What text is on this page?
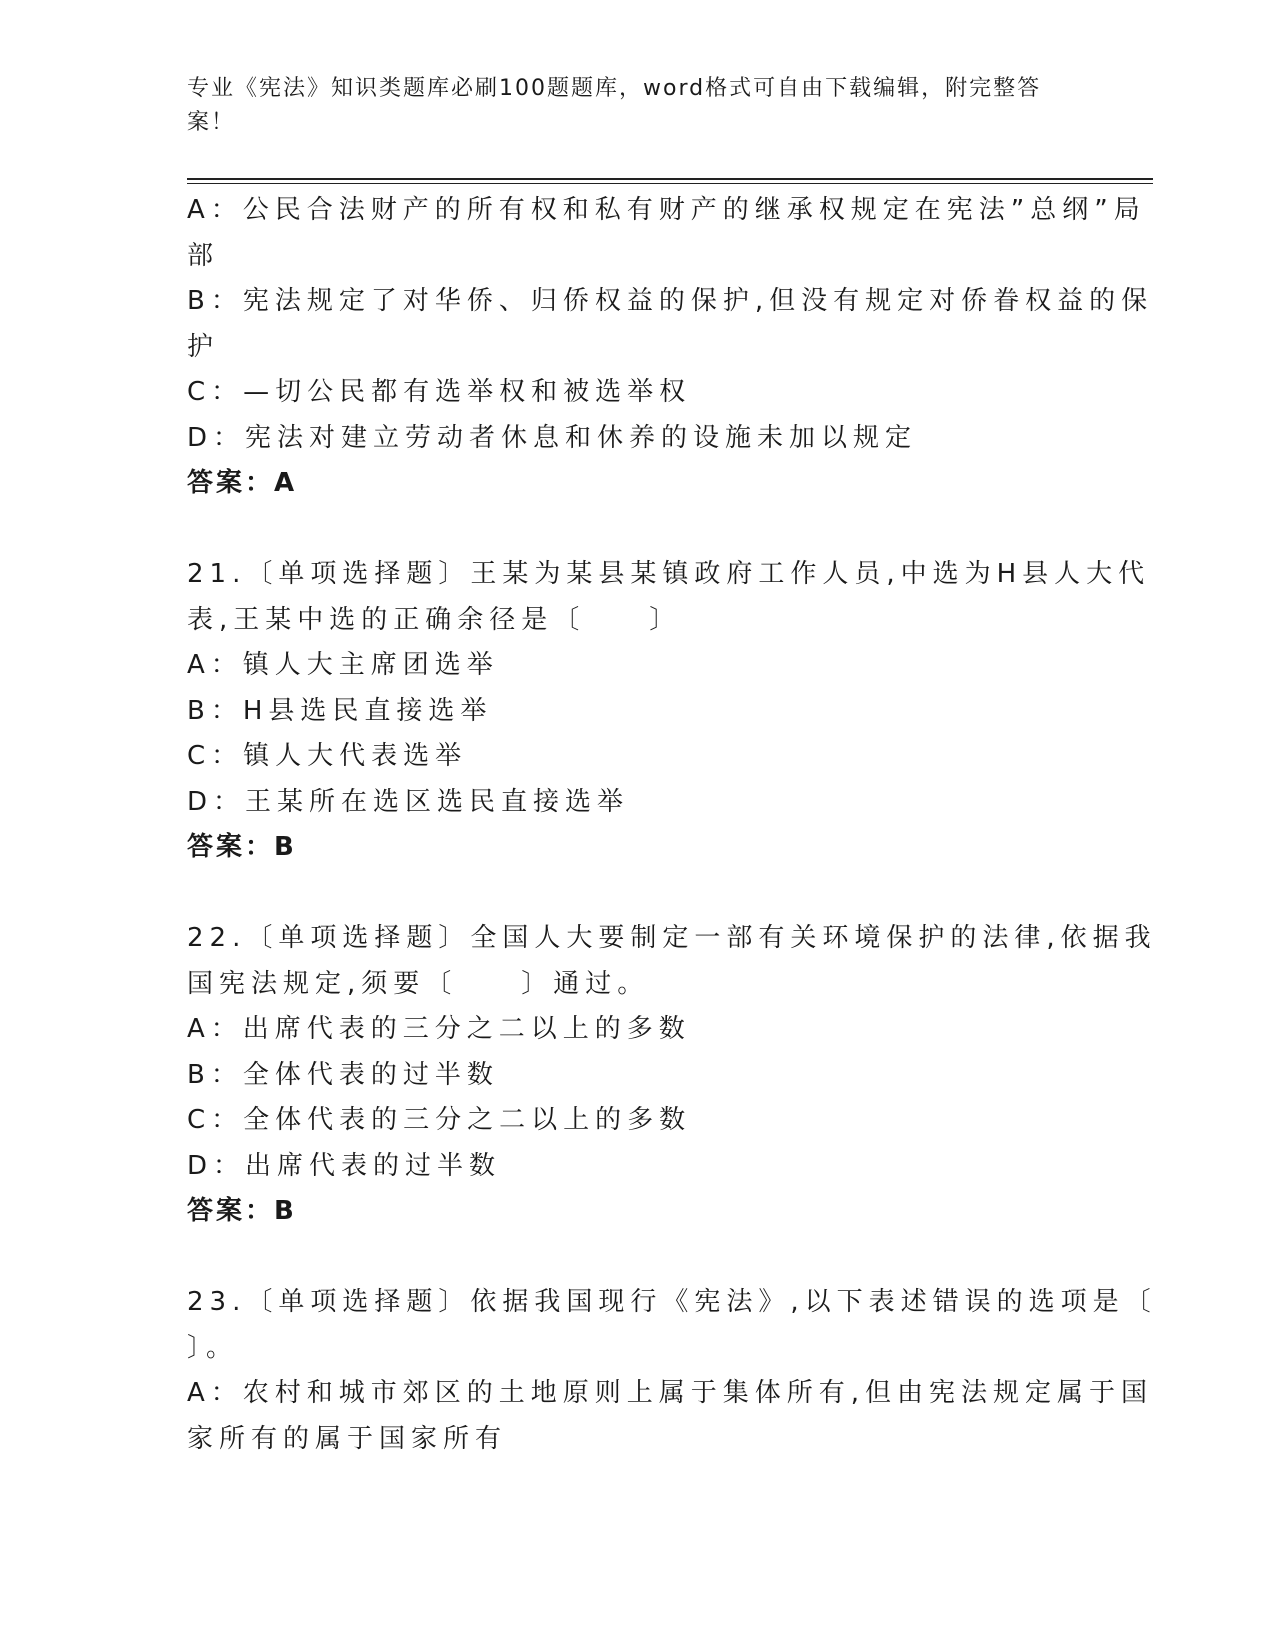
专业《宪法》知识类题库必刷100题题库，word格式可自由下载编辑，附完整答
案！

A：公民合法财产的所有权和私有财产的继承权规定在宪法”总纲”局

部

B：宪法规定了对华侨、归侨权益的保护,但没有规定对侨眷权益的保

护

C：—切公民都有选举权和被选举权

D：宪法对建立劳动者休息和休养的设施未加以规定

答案：A

21.〔单项选择题〕王某为某县某镇政府工作人员,中选为H县人大代

表,王某中选的正确余径是〔　　〕

A：镇人大主席团选举

B：H县选民直接选举

C：镇人大代表选举

D：王某所在选区选民直接选举

答案：B

22.〔单项选择题〕全国人大要制定一部有关环境保护的法律,依据我

国宪法规定,须要〔　　〕通过。

A：出席代表的三分之二以上的多数

B：全体代表的过半数

C：全体代表的三分之二以上的多数

D：出席代表的过半数

答案：B

23.〔单项选择题〕依据我国现行《宪法》,以下表述错误的选项是〔

〕。

A：农村和城市郊区的土地原则上属于集体所有,但由宪法规定属于国

家所有的属于国家所有
